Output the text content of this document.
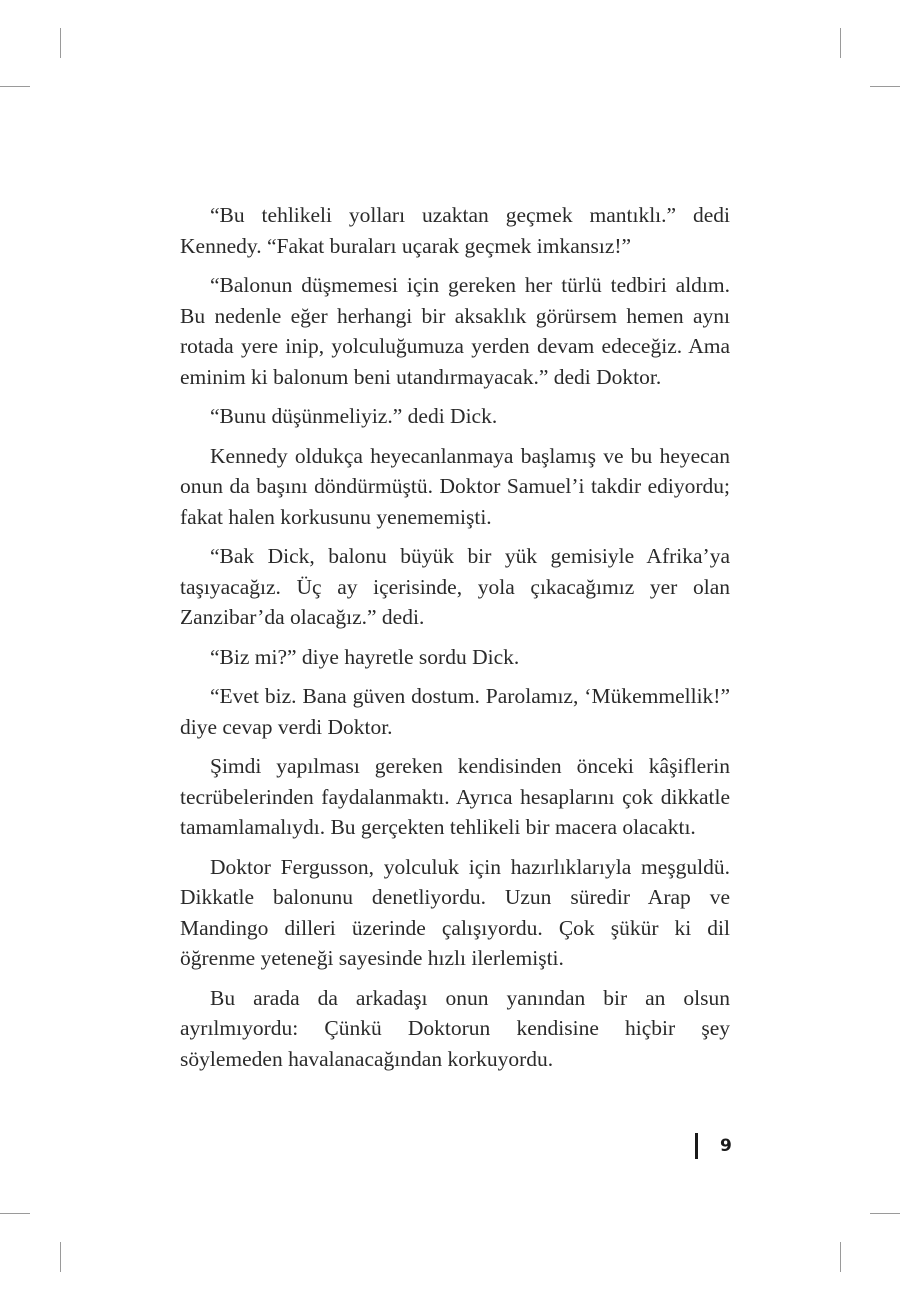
“Bu tehlikeli yolları uzaktan geçmek mantıklı.” dedi Kennedy. “Fakat buraları uçarak geçmek imkansız!”

“Balonun düşmemesi için gereken her türlü tedbiri aldım. Bu nedenle eğer herhangi bir aksaklık görürsem hemen aynı rotada yere inip, yolculuğumuza yerden devam edeceğiz. Ama eminim ki balonum beni utandırmayacak.” dedi Doktor.

“Bunu düşünmeliyiz.” dedi Dick.

Kennedy oldukça heyecanlanmaya başlamış ve bu heyecan onun da başını döndürmüştü. Doktor Samuel’i takdir ediyordu; fakat halen korkusunu yenememişti.

“Bak Dick, balonu büyük bir yük gemisiyle Afrika’ya taşıyacağız. Üç ay içerisinde, yola çıkacağımız yer olan Zanzibar’da olacağız.” dedi.

“Biz mi?” diye hayretle sordu Dick.

“Evet biz. Bana güven dostum. Parolamız, ‘Mükemmellik!” diye cevap verdi Doktor.

Şimdi yapılması gereken kendisinden önceki kâşiflerin tecrübelerinden faydalanmaktı. Ayrıca hesaplarını çok dikkatle tamamlamalıydı. Bu gerçekten tehlikeli bir macera olacaktı.

Doktor Fergusson, yolculuk için hazırlıklarıyla meşguldü. Dikkatle balonunu denetliyordu. Uzun süredir Arap ve Mandingo dilleri üzerinde çalışıyordu. Çok şükür ki dil öğrenme yeteneği sayesinde hızlı ilerlemişti.

Bu arada da arkadaşı onun yanından bir an olsun ayrılmıyordu: Çünkü Doktorun kendisine hiçbir şey söylemeden havalanacağından korkuyordu.

9
